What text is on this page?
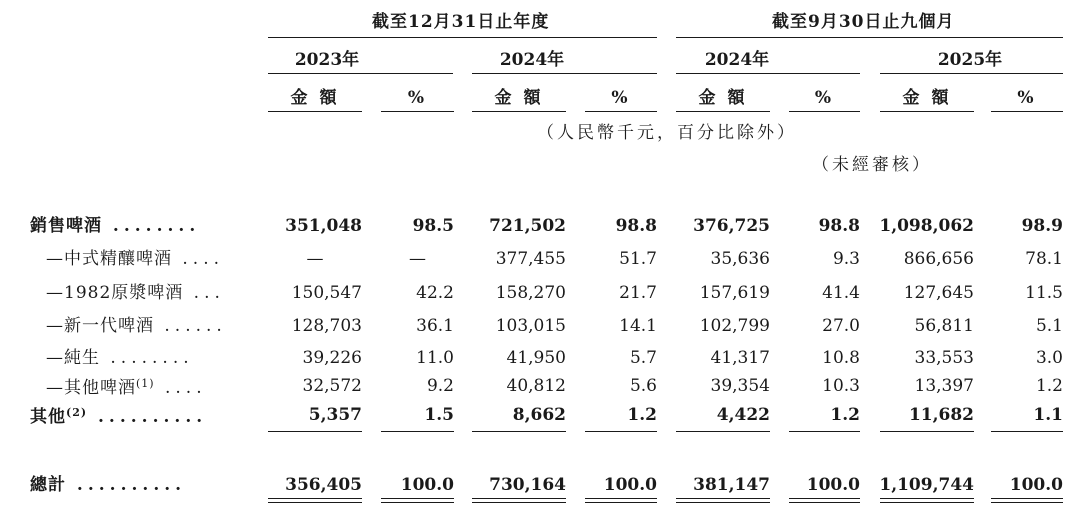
截至12月31日止年度	截至9月30日止九個月
2023年	2024年	2024年	2025年
金 額	%	金 額	%	金 額	%	金 額	%
（人民幣千元，百分比除外）
（未經審核）
銷售啤酒 ........	351,048	98.5	721,502	98.8	376,725	98.8	1,098,062	98.9
—中式精釀啤酒 ....	—	—	377,455	51.7	35,636	9.3	866,656	78.1
—1982原漿啤酒 ...	150,547	42.2	158,270	21.7	157,619	41.4	127,645	11.5
—新一代啤酒 ......	128,703	36.1	103,015	14.1	102,799	27.0	56,811	5.1
—純生 ........	39,226	11.0	41,950	5.7	41,317	10.8	33,553	3.0
—其他啤酒$^{(1)}$ ....	32,572	9.2	40,812	5.6	39,354	10.3	13,397	1.2
其他$^{(2)}$ ..........	5,357	1.5	8,662	1.2	4,422	1.2	11,682	1.1
總計 ..........	356,405	100.0	730,164	100.0	381,147	100.0	1,109,744	100.0
